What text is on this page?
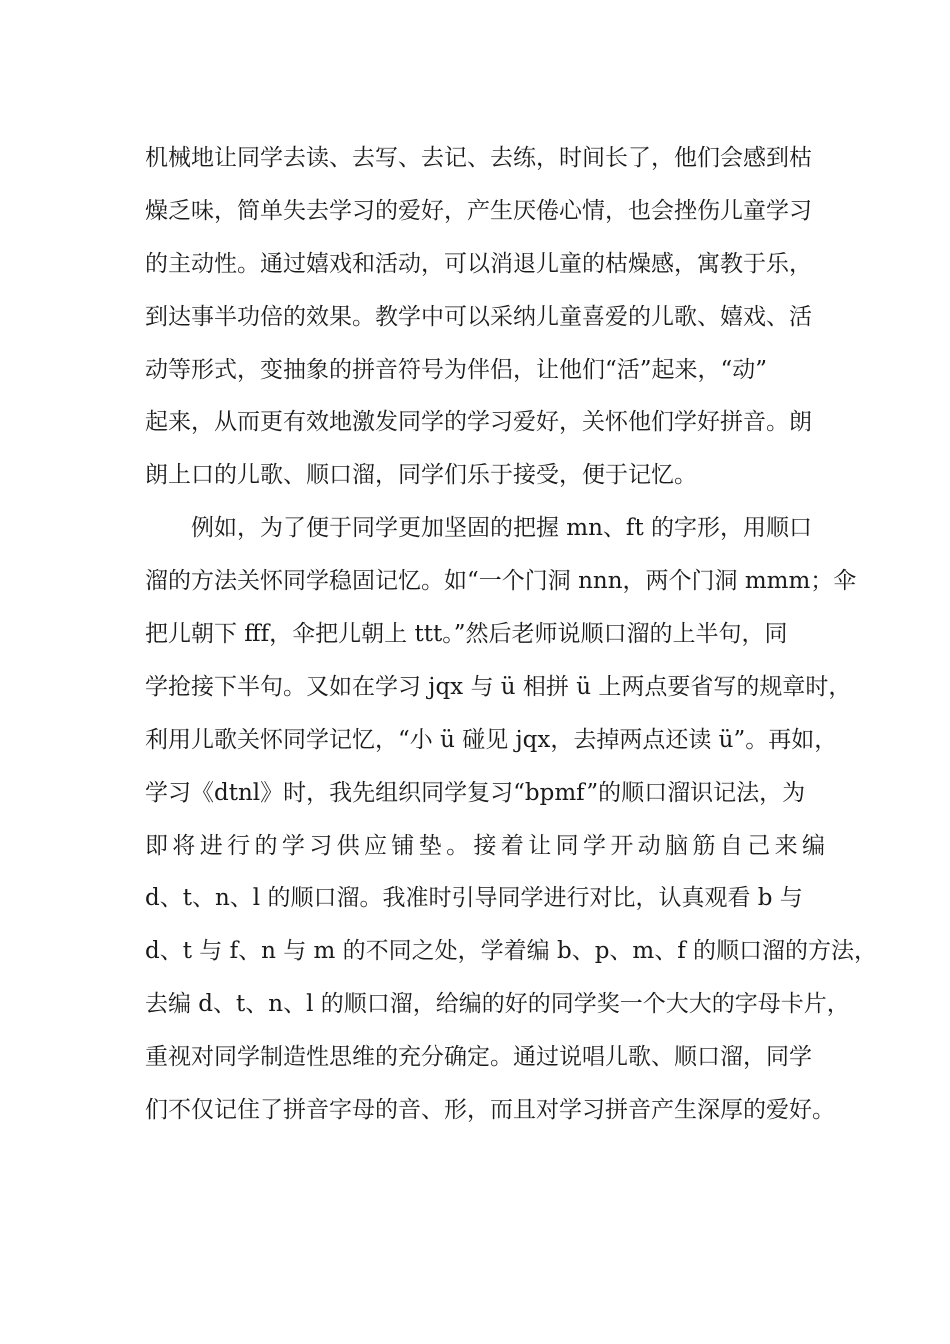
机械地让同学去读、去写、去记、去练，时间长了，他们会感到枯
燥乏味，简单失去学习的爱好，产生厌倦心情，也会挫伤儿童学习
的主动性。通过嬉戏和活动，可以消退儿童的枯燥感，寓教于乐，
到达事半功倍的效果。教学中可以采纳儿童喜爱的儿歌、嬉戏、活
动等形式，变抽象的拼音符号为伴侣，让他们“活”起来，“动”
起来，从而更有效地激发同学的学习爱好，关怀他们学好拼音。朗
朗上口的儿歌、顺口溜，同学们乐于接受，便于记忆。
例如，为了便于同学更加坚固的把握 mn、ft 的字形，用顺口
溜的方法关怀同学稳固记忆。如“一个门洞 nnn，两个门洞 mmm；伞
把儿朝下 fff，伞把儿朝上 ttt。”然后老师说顺口溜的上半句，同
学抢接下半句。又如在学习 jqx 与 ü 相拼 ü 上两点要省写的规章时，
利用儿歌关怀同学记忆，“小 ü 碰见 jqx，去掉两点还读 ü”。再如，
学习《dtnl》时，我先组织同学复习“bpmf”的顺口溜识记法，为
即 将 进 行 的 学 习 供 应 铺 垫 。 接 着 让 同 学 开 动 脑 筋 自 己 来 编
d、t、n、l 的顺口溜。我准时引导同学进行对比，认真观看 b 与
d、t 与 f、n 与 m 的不同之处，学着编 b、p、m、f 的顺口溜的方法，
去编 d、t、n、l 的顺口溜，给编的好的同学奖一个大大的字母卡片，
重视对同学制造性思维的充分确定。通过说唱儿歌、顺口溜，同学
们不仅记住了拼音字母的音、形，而且对学习拼音产生深厚的爱好。
